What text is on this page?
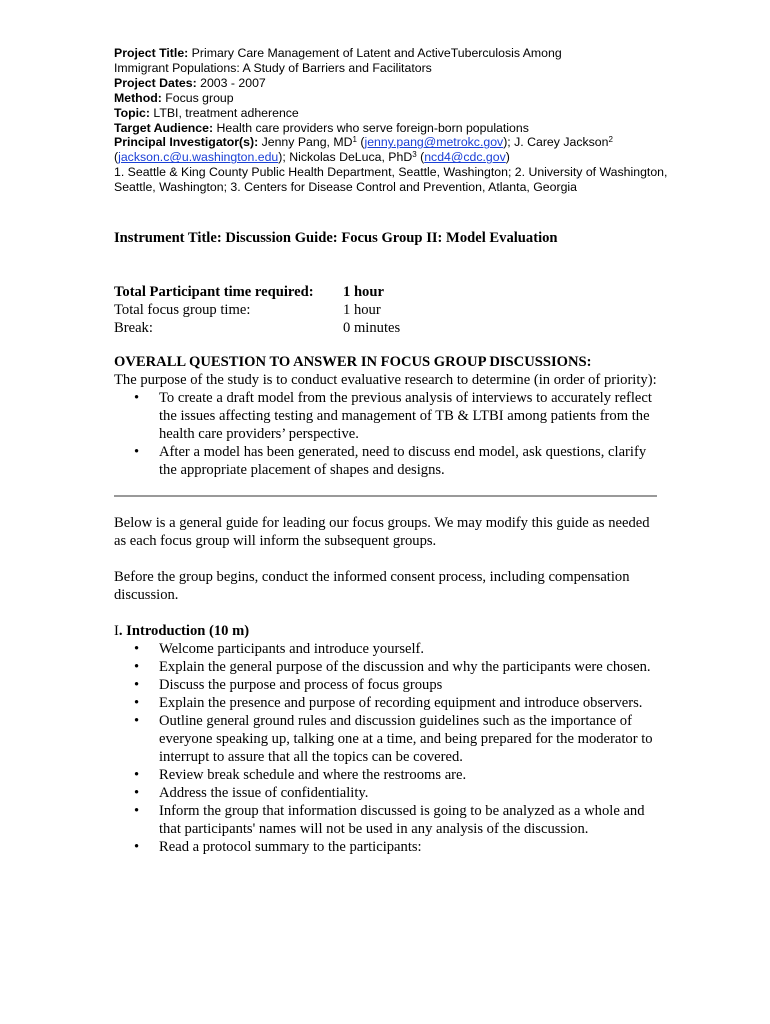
Project Title: Primary Care Management of Latent and ActiveTuberculosis Among

Immigrant Populations: A Study of Barriers and Facilitators

Project Dates: 2003 - 2007

Method: Focus group

Topic: LTBI, treatment adherence

Target Audience: Health care providers who serve foreign-born populations

Principal Investigator(s): Jenny Pang, $MD^1$ (jenny.pang@metrokc.gov); J. Carey Jackson$^2$
(jackson.c@u.washington.edu); Nickolas DeLuca, PhD$^3$ (ncd4@cdc.gov)

1. Seattle & King County Public Health Department, Seattle, Washington; 2. University of Washington, Seattle, Washington; 3. Centers for Disease Control and Prevention, Atlanta, Georgia

Instrument Title: Discussion Guide: Focus Group II: Model Evaluation
Total Participant time required:	1 hour
Total focus group time:	1 hour
Break:	0 minutes

OVERALL QUESTION TO ANSWER IN FOCUS GROUP DISCUSSIONS:

The purpose of the study is to conduct evaluative research to determine (in order of priority):

• To create a draft model from the previous analysis of interviews to accurately reflect the issues affecting testing and management of TB & LTBI among patients from the health care providers’ perspective.
• After a model has been generated, need to discuss end model, ask questions, clarify the appropriate placement of shapes and designs.

Below is a general guide for leading our focus groups. We may modify this guide as needed as each focus group will inform the subsequent groups.

Before the group begins, conduct the informed consent process, including compensation discussion.

I. Introduction (10 m)

• Welcome participants and introduce yourself.
• Explain the general purpose of the discussion and why the participants were chosen.
• Discuss the purpose and process of focus groups
• Explain the presence and purpose of recording equipment and introduce observers.
• Outline general ground rules and discussion guidelines such as the importance of everyone speaking up, talking one at a time, and being prepared for the moderator to interrupt to assure that all the topics can be covered.
• Review break schedule and where the restrooms are.
• Address the issue of confidentiality.
• Inform the group that information discussed is going to be analyzed as a whole and that participants' names will not be used in any analysis of the discussion.
• Read a protocol summary to the participants:
